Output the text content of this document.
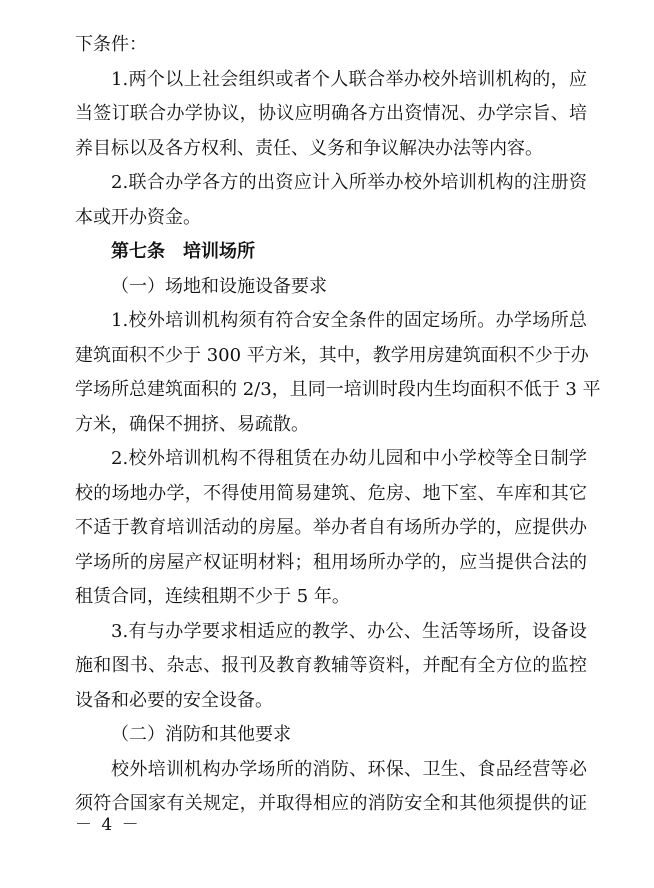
下条件：
1.两个以上社会组织或者个人联合举办校外培训机构的，应
当签订联合办学协议，协议应明确各方出资情况、办学宗旨、培
养目标以及各方权利、责任、义务和争议解决办法等内容。
2.联合办学各方的出资应计入所举办校外培训机构的注册资
本或开办资金。
第七条　培训场所
（一）场地和设施设备要求
1.校外培训机构须有符合安全条件的固定场所。办学场所总
建筑面积不少于 300 平方米，其中，教学用房建筑面积不少于办
学场所总建筑面积的 2/3，且同一培训时段内生均面积不低于 3 平
方米，确保不拥挤、易疏散。
2.校外培训机构不得租赁在办幼儿园和中小学校等全日制学
校的场地办学，不得使用简易建筑、危房、地下室、车库和其它
不适于教育培训活动的房屋。举办者自有场所办学的，应提供办
学场所的房屋产权证明材料；租用场所办学的，应当提供合法的
租赁合同，连续租期不少于 5 年。
3.有与办学要求相适应的教学、办公、生活等场所，设备设
施和图书、杂志、报刊及教育教辅等资料，并配有全方位的监控
设备和必要的安全设备。
（二）消防和其他要求
校外培训机构办学场所的消防、环保、卫生、食品经营等必
须符合国家有关规定，并取得相应的消防安全和其他须提供的证
－ 4 －
